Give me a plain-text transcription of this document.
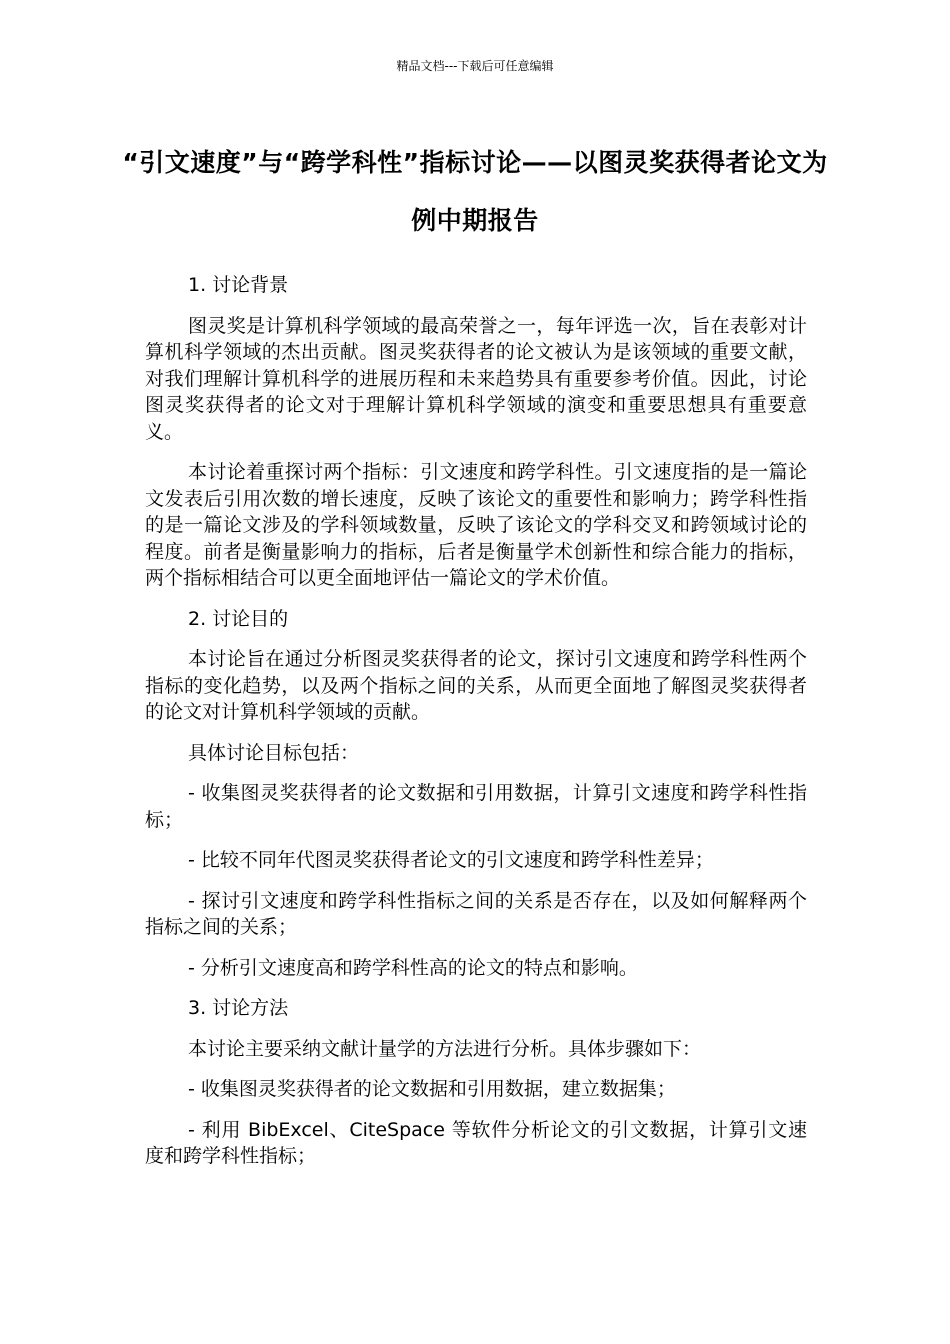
精品文档---下载后可任意编辑
“引文速度”与“跨学科性”指标讨论——以图灵奖获得者论文为例中期报告

1. 讨论背景

图灵奖是计算机科学领域的最高荣誉之一，每年评选一次，旨在表彰对计算机科学领域的杰出贡献。图灵奖获得者的论文被认为是该领域的重要文献，对我们理解计算机科学的进展历程和未来趋势具有重要参考价值。因此，讨论图灵奖获得者的论文对于理解计算机科学领域的演变和重要思想具有重要意义。

本讨论着重探讨两个指标：引文速度和跨学科性。引文速度指的是一篇论文发表后引用次数的增长速度，反映了该论文的重要性和影响力；跨学科性指的是一篇论文涉及的学科领域数量，反映了该论文的学科交叉和跨领域讨论的程度。前者是衡量影响力的指标，后者是衡量学术创新性和综合能力的指标，两个指标相结合可以更全面地评估一篇论文的学术价值。

2. 讨论目的

本讨论旨在通过分析图灵奖获得者的论文，探讨引文速度和跨学科性两个指标的变化趋势，以及两个指标之间的关系，从而更全面地了解图灵奖获得者的论文对计算机科学领域的贡献。

具体讨论目标包括：

- 收集图灵奖获得者的论文数据和引用数据，计算引文速度和跨学科性指标；

- 比较不同年代图灵奖获得者论文的引文速度和跨学科性差异；

- 探讨引文速度和跨学科性指标之间的关系是否存在，以及如何解释两个指标之间的关系；

- 分析引文速度高和跨学科性高的论文的特点和影响。

3. 讨论方法

本讨论主要采纳文献计量学的方法进行分析。具体步骤如下：

- 收集图灵奖获得者的论文数据和引用数据，建立数据集；

- 利用 BibExcel、CiteSpace 等软件分析论文的引文数据，计算引文速度和跨学科性指标；
